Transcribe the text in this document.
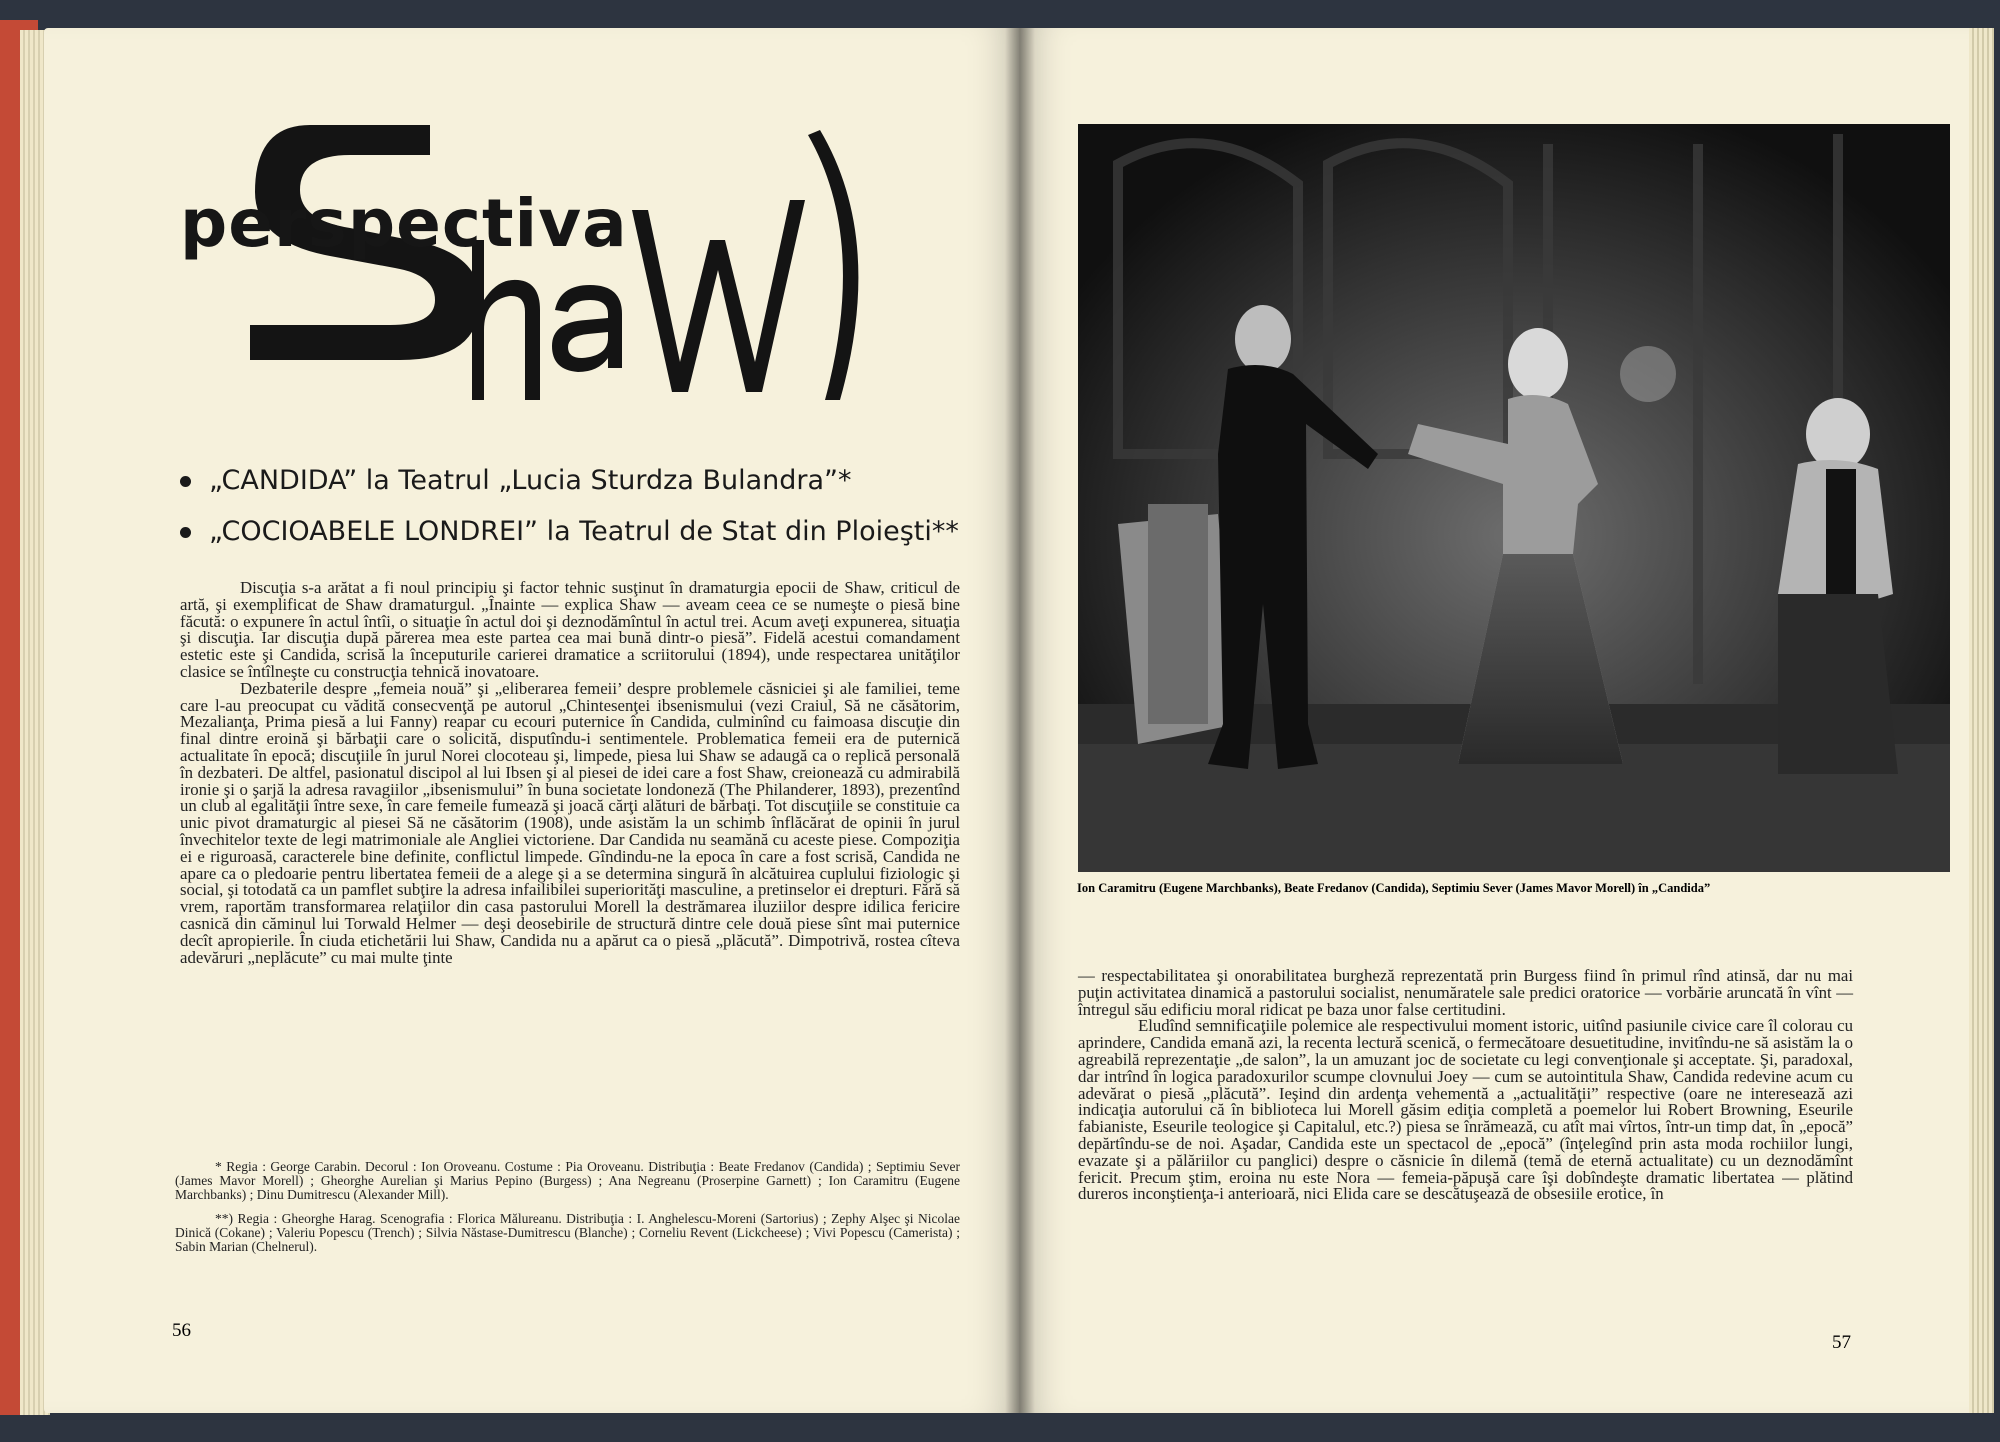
perspectiva
„CANDIDA” la Teatrul „Lucia Sturdza Bulandra”*
„COCIOABELE LONDREI” la Teatrul de Stat din Ploieşti**

Discuţia s-a arătat a fi noul principiu şi factor tehnic susţinut în dramaturgia epocii de Shaw, criticul de artă, şi exemplificat de Shaw dramaturgul. „Înainte — explica Shaw — aveam ceea ce se numeşte o piesă bine făcută: o expunere în actul întîi, o situaţie în actul doi şi deznodămîntul în actul trei. Acum aveţi expunerea, situaţia şi discuţia. Iar discuţia după părerea mea este partea cea mai bună dintr-o piesă”. Fidelă acestui comandament estetic este şi Candida, scrisă la începuturile carierei dramatice a scriitorului (1894), unde respectarea unităţilor clasice se întîlneşte cu construcţia tehnică inovatoare.

Dezbaterile despre „femeia nouă” şi „eliberarea femeii’ despre problemele căsniciei şi ale familiei, teme care l-au preocupat cu vădită consecvenţă pe autorul „Chintesenţei ibsenismului (vezi Craiul, Să ne căsătorim, Mezalianţa, Prima piesă a lui Fanny) reapar cu ecouri puternice în Candida, culminînd cu faimoasa discuţie din final dintre eroină şi bărbaţii care o solicită, disputîndu-i sentimentele. Problematica femeii era de puternică actualitate în epocă; discuţiile în jurul Norei clocoteau şi, limpede, piesa lui Shaw se adaugă ca o replică personală în dezbateri. De altfel, pasionatul discipol al lui Ibsen şi al piesei de idei care a fost Shaw, creionează cu admirabilă ironie şi o şarjă la adresa ravagiilor „ibsenismului” în buna societate londoneză (The Philanderer, 1893), prezentînd un club al egalităţii între sexe, în care femeile fumează şi joacă cărţi alături de bărbaţi. Tot discuţiile se constituie ca unic pivot dramaturgic al piesei Să ne căsătorim (1908), unde asistăm la un schimb înflăcărat de opinii în jurul învechitelor texte de legi matrimoniale ale Angliei victoriene. Dar Candida nu seamănă cu aceste piese. Compoziţia ei e riguroasă, caracterele bine definite, conflictul limpede. Gîndindu-ne la epoca în care a fost scrisă, Candida ne apare ca o pledoarie pentru libertatea femeii de a alege şi a se determina singură în alcătuirea cuplului fiziologic şi social, şi totodată ca un pamflet subţire la adresa infailibilei superiorităţi masculine, a pretinselor ei drepturi. Fără să vrem, raportăm transformarea relaţiilor din casa pastorului Morell la destrămarea iluziilor despre idilica fericire casnică din căminul lui Torwald Helmer — deşi deosebirile de structură dintre cele două piese sînt mai puternice decît apropierile. În ciuda etichetării lui Shaw, Candida nu a apărut ca o piesă „plăcută”. Dimpotrivă, rostea cîteva adevăruri „neplăcute” cu mai multe ţinte

* Regia : George Carabin. Decorul : Ion Oroveanu. Costume : Pia Oroveanu. Distribuţia : Beate Fredanov (Candida) ; Septimiu Sever (James Mavor Morell) ; Gheorghe Aurelian şi Marius Pepino (Burgess) ; Ana Negreanu (Proserpine Garnett) ; Ion Caramitru (Eugene Marchbanks) ; Dinu Dumitrescu (Alexander Mill).

**) Regia : Gheorghe Harag. Scenografia : Florica Mălureanu. Distribuţia : I. Anghelescu-Moreni (Sartorius) ; Zephy Alşec şi Nicolae Dinică (Cokane) ; Valeriu Popescu (Trench) ; Silvia Năstase-Dumitrescu (Blanche) ; Corneliu Revent (Lickcheese) ; Vivi Popescu (Camerista) ; Sabin Marian (Chelnerul).

56
Ion Caramitru (Eugene Marchbanks), Beate Fredanov (Candida), Septimiu Sever (James Mavor Morell) în „Candida”

— respectabilitatea şi onorabilitatea burgheză reprezentată prin Burgess fiind în primul rînd atinsă, dar nu mai puţin activitatea dinamică a pastorului socialist, nenumăratele sale predici oratorice — vorbărie aruncată în vînt — întregul său edificiu moral ridicat pe baza unor false certitudini.

Eludînd semnificaţiile polemice ale respectivului moment istoric, uitînd pasiunile civice care îl colorau cu aprindere, Candida emană azi, la recenta lectură scenică, o fermecătoare desuetitudine, invitîndu-ne să asistăm la o agreabilă reprezentaţie „de salon”, la un amuzant joc de societate cu legi convenţionale şi acceptate. Şi, paradoxal, dar intrînd în logica paradoxurilor scumpe clovnului Joey — cum se autointitula Shaw, Candida redevine acum cu adevărat o piesă „plăcută”. Ieşind din ardenţa vehementă a „actualităţii” respective (oare ne interesează azi indicaţia autorului că în biblioteca lui Morell găsim ediţia completă a poemelor lui Robert Browning, Eseurile fabianiste, Eseurile teologice şi Capitalul, etc.?) piesa se înrămează, cu atît mai vîrtos, într-un timp dat, în „epocă” depărtîndu-se de noi. Aşadar, Candida este un spectacol de „epocă” (înţelegînd prin asta moda rochiilor lungi, evazate şi a pălăriilor cu panglici) despre o căsnicie în dilemă (temă de eternă actualitate) cu un deznodămînt fericit. Precum ştim, eroina nu este Nora — femeia-păpuşă care îşi dobîndeşte dramatic libertatea — plătind dureros inconştienţa-i anterioară, nici Elida care se descătuşează de obsesiile erotice, în

57
